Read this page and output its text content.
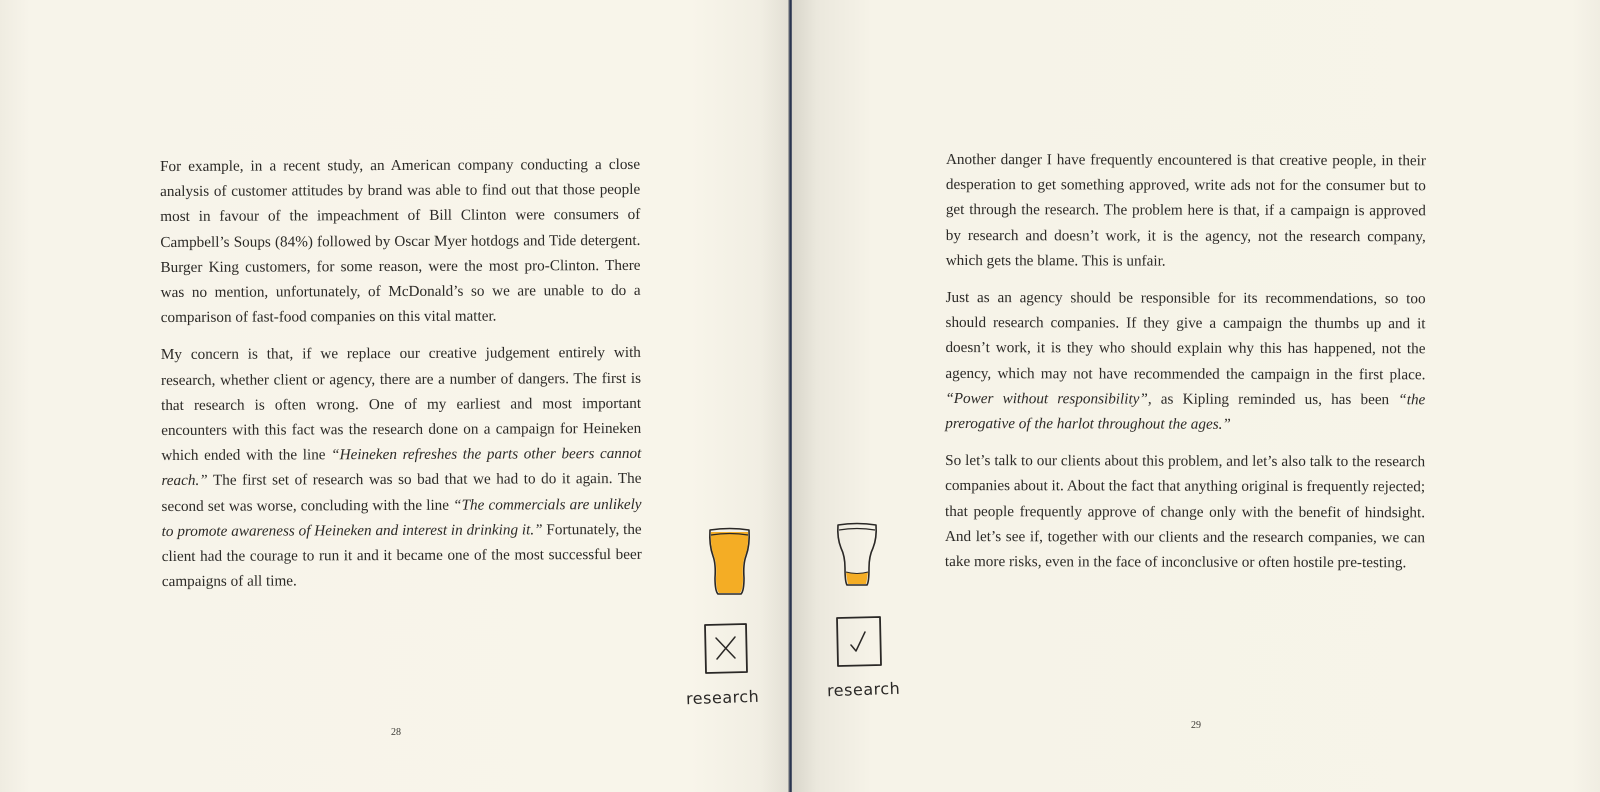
For example, in a recent study, an American company conducting a close analysis of customer attitudes by brand was able to find out that those people most in favour of the impeachment of Bill Clinton were consumers of Campbell’s Soups (84%) followed by Oscar Myer hotdogs and Tide detergent. Burger King customers, for some reason, were the most pro-Clinton. There was no mention, unfortunately, of McDonald’s so we are unable to do a comparison of fast-food companies on this vital matter.

My concern is that, if we replace our creative judgement entirely with research, whether client or agency, there are a number of dangers. The first is that research is often wrong. One of my earliest and most important encounters with this fact was the research done on a campaign for Heineken which ended with the line “Heineken refreshes the parts other beers cannot reach.” The first set of research was so bad that we had to do it again. The second set was worse, concluding with the line “The commercials are unlikely to promote awareness of Heineken and interest in drinking it.” Fortunately, the client had the courage to run it and it became one of the most successful beer campaigns of all time.

research
28
research

Another danger I have frequently encountered is that creative people, in their desperation to get something approved, write ads not for the consumer but to get through the research. The problem here is that, if a campaign is approved by research and doesn’t work, it is the agency, not the research company, which gets the blame. This is unfair.

Just as an agency should be responsible for its recommendations, so too should research companies. If they give a campaign the thumbs up and it doesn’t work, it is they who should explain why this has happened, not the agency, which may not have recommended the campaign in the first place. “Power without responsibility”, as Kipling reminded us, has been “the prerogative of the harlot throughout the ages.”

So let’s talk to our clients about this problem, and let’s also talk to the research companies about it. About the fact that anything original is frequently rejected; that people frequently approve of change only with the benefit of hindsight. And let’s see if, together with our clients and the research companies, we can take more risks, even in the face of inconclusive or often hostile pre-testing.

29
